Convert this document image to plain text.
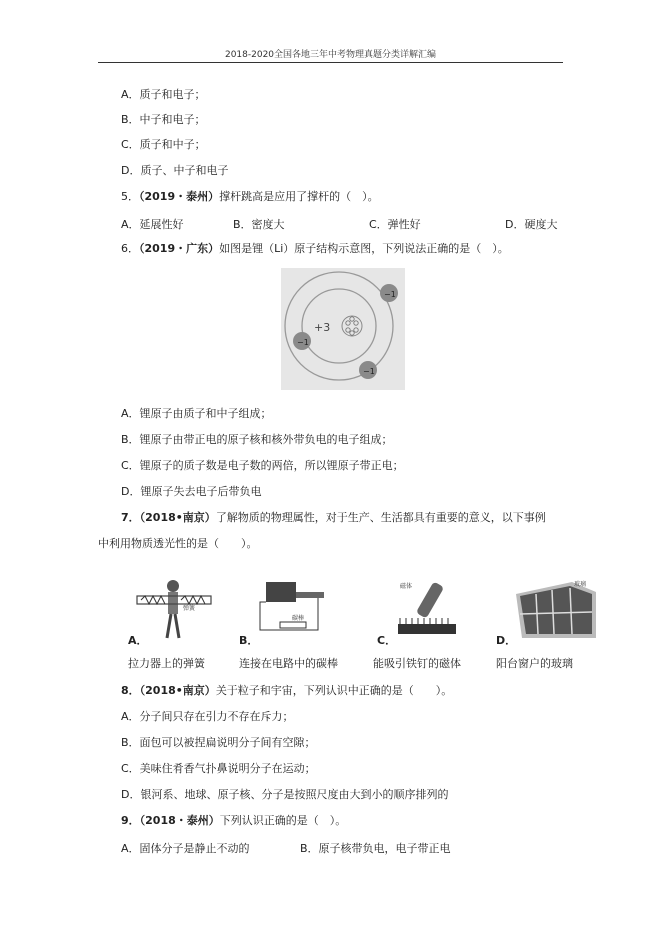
2018-2020全国各地三年中考物理真题分类详解汇编
A．质子和电子；
B．中子和电子；
C．质子和中子；
D．质子、中子和电子
5．（2019・泰州）撑杆跳高是应用了撑杆的（　）。
A．延展性好	B．密度大	C．弹性好	D．硬度大
6．（2019・广东）如图是锂（Li）原子结构示意图，下列说法正确的是（　）。
+3
−1
−1
−1
A．锂原子由质子和中子组成；
B．锂原子由带正电的原子核和核外带负电的电子组成；
C．锂原子的质子数是电子数的两倍，所以锂原子带正电；
D．锂原子失去电子后带负电
7．（2018•南京）了解物质的物理属性，对于生产、生活都具有重要的意义，以下事例
中利用物质透光性的是（　　）。
弹簧
碳棒
磁体	玻璃
A．	B．	C．	D．
拉力器上的弹簧	连接在电路中的碳棒	能吸引铁钉的磁体	阳台窗户的玻璃
8．（2018•南京）关于粒子和宇宙，下列认识中正确的是（　　）。
A．分子间只存在引力不存在斥力；
B．面包可以被捏扁说明分子间有空隙；
C．美味住肴香气扑鼻说明分子在运动；
D．银河系、地球、原子核、分子是按照尺度由大到小的顺序排列的
9．（2018・泰州）下列认识正确的是（　）。
A．固体分子是静止不动的	B．原子核带负电，电子带正电
